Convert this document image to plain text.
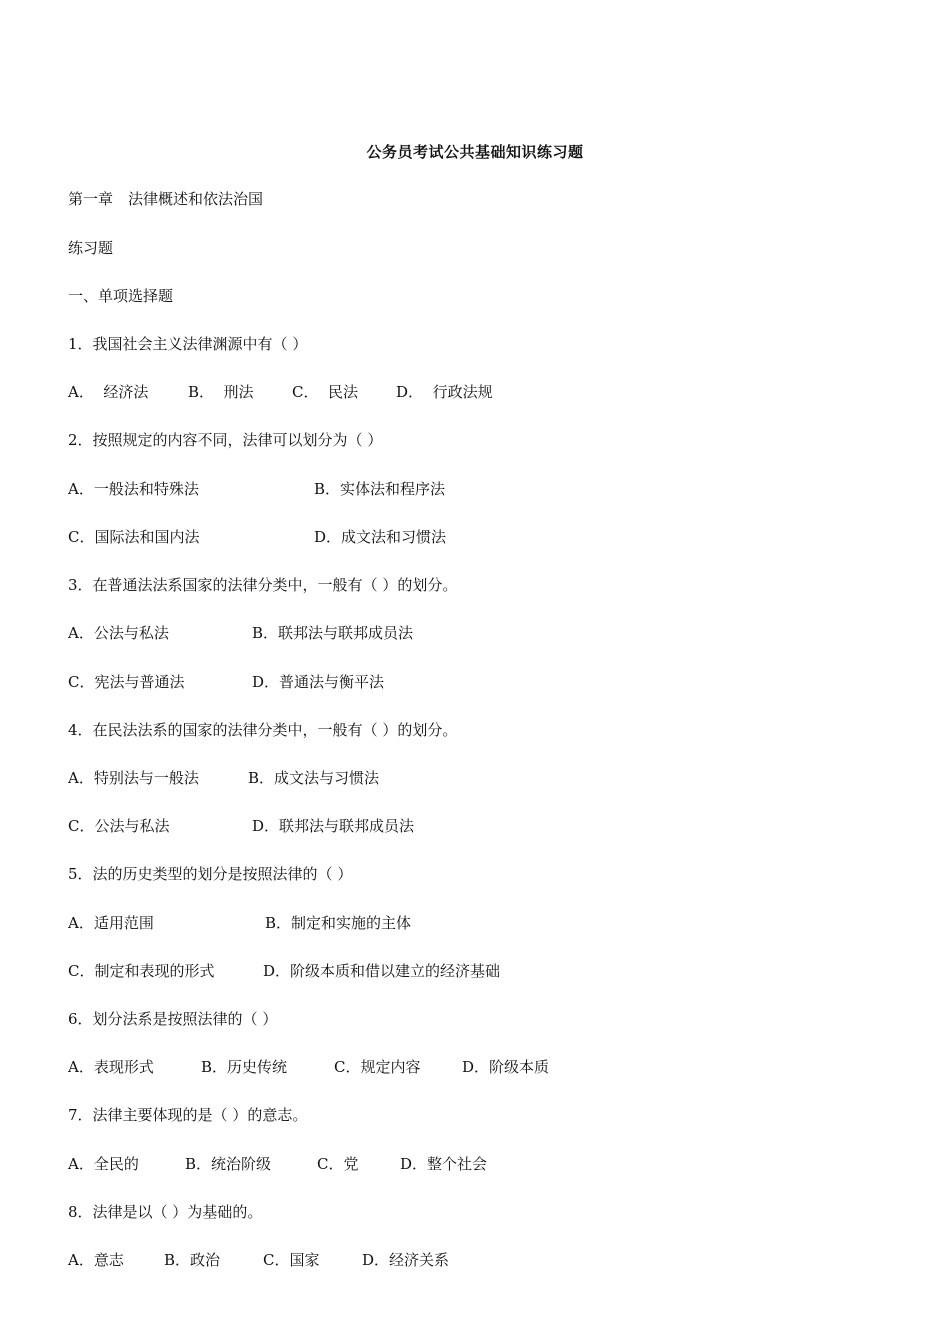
公务员考试公共基础知识练习题
第一章　法律概述和依法治国
练习题
一、单项选择题
1．我国社会主义法律渊源中有（ ）
A．  经济法	B．  刑法	C．  民法	D．  行政法规
2．按照规定的内容不同，法律可以划分为（ ）
A．一般法和特殊法	B．实体法和程序法
C．国际法和国内法	D．成文法和习惯法
3．在普通法法系国家的法律分类中，一般有（ ）的划分。
A．公法与私法	B．联邦法与联邦成员法
C．宪法与普通法	D．普通法与衡平法
4．在民法法系的国家的法律分类中，一般有（ ）的划分。
A．特别法与一般法	B．成文法与习惯法
C．公法与私法	D．联邦法与联邦成员法
5．法的历史类型的划分是按照法律的（ ）
A．适用范围	B．制定和实施的主体
C．制定和表现的形式	D．阶级本质和借以建立的经济基础
6．划分法系是按照法律的（ ）
A．表现形式	B．历史传统	C．规定内容	D．阶级本质
7．法律主要体现的是（ ）的意志。
A．全民的	B．统治阶级	C．党	D．整个社会
8．法律是以（ ）为基础的。
A．意志	B．政治	C．国家	D．经济关系
